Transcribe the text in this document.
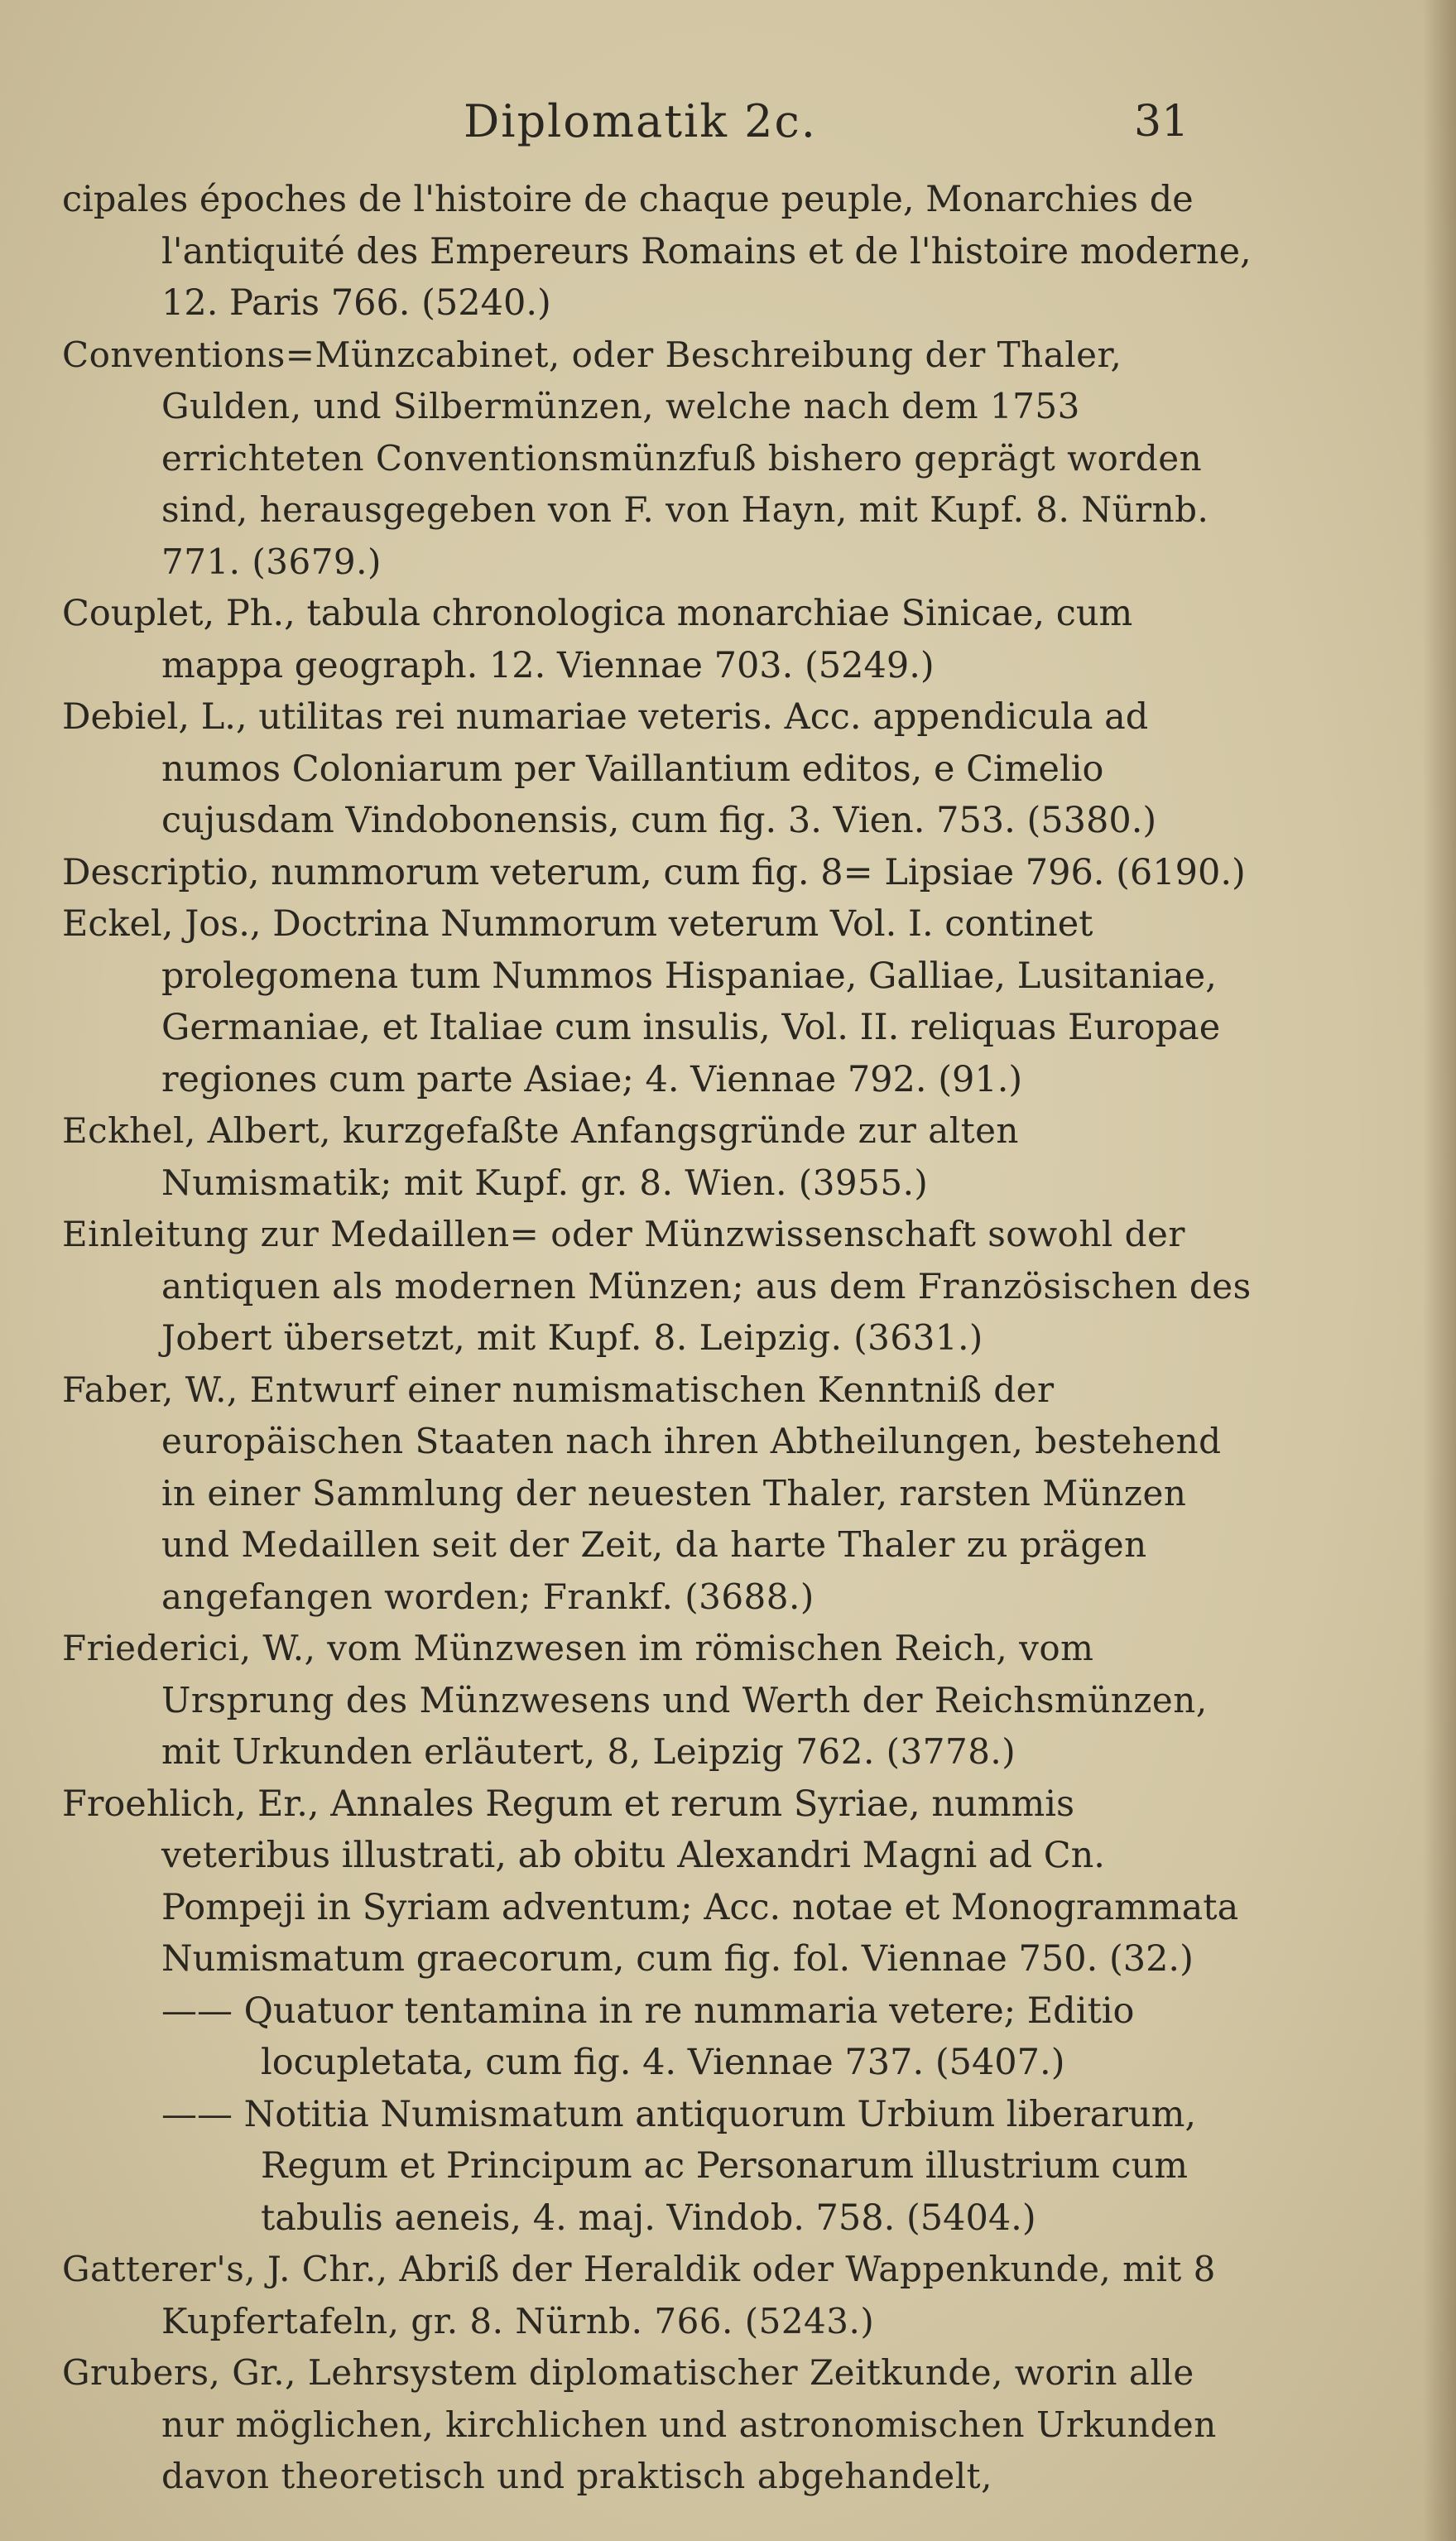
Diplomatik 2c.	31

cipales époches de l'histoire de chaque peuple, Monarchies de l'antiquité des Empereurs Romains et de l'histoire moderne, 12. Paris 766. (5240.)

Conventions=Münzcabinet, oder Beschreibung der Thaler, Gulden, und Silbermünzen, welche nach dem 1753 errichteten Conventionsmünzfuß bishero geprägt worden sind, herausgegeben von F. von Hayn, mit Kupf. 8. Nürnb. 771. (3679.)

Couplet, Ph., tabula chronologica monarchiae Sinicae, cum mappa geograph. 12. Viennae 703. (5249.)

Debiel, L., utilitas rei numariae veteris. Acc. appendicula ad numos Coloniarum per Vaillantium editos, e Cimelio cujusdam Vindobonensis, cum fig. 3. Vien. 753. (5380.)

Descriptio, nummorum veterum, cum fig. 8= Lipsiae 796. (6190.)

Eckel, Jos., Doctrina Nummorum veterum Vol. I. continet prolegomena tum Nummos Hispaniae, Galliae, Lusitaniae, Germaniae, et Italiae cum insulis, Vol. II. reliquas Europae regiones cum parte Asiae; 4. Viennae 792. (91.)

Eckhel, Albert, kurzgefaßte Anfangsgründe zur alten Numismatik; mit Kupf. gr. 8. Wien. (3955.)

Einleitung zur Medaillen= oder Münzwissenschaft sowohl der antiquen als modernen Münzen; aus dem Französischen des Jobert übersetzt, mit Kupf. 8. Leipzig. (3631.)

Faber, W., Entwurf einer numismatischen Kenntniß der europäischen Staaten nach ihren Abtheilungen, bestehend in einer Sammlung der neuesten Thaler, rarsten Münzen und Medaillen seit der Zeit, da harte Thaler zu prägen angefangen worden; Frankf. (3688.)

Friederici, W., vom Münzwesen im römischen Reich, vom Ursprung des Münzwesens und Werth der Reichsmünzen, mit Urkunden erläutert, 8, Leipzig 762. (3778.)

Froehlich, Er., Annales Regum et rerum Syriae, nummis veteribus illustrati, ab obitu Alexandri Magni ad Cn. Pompeji in Syriam adventum; Acc. notae et Monogrammata Numismatum graecorum, cum fig. fol. Viennae 750. (32.)

—— Quatuor tentamina in re nummaria vetere; Editio locupletata, cum fig. 4. Viennae 737. (5407.)

—— Notitia Numismatum antiquorum Urbium liberarum, Regum et Principum ac Personarum illustrium cum tabulis aeneis, 4. maj. Vindob. 758. (5404.)

Gatterer's, J. Chr., Abriß der Heraldik oder Wappenkunde, mit 8 Kupfertafeln, gr. 8. Nürnb. 766. (5243.)

Grubers, Gr., Lehrsystem diplomatischer Zeitkunde, worin alle nur möglichen, kirchlichen und astronomischen Urkunden davon theoretisch und praktisch abgehandelt,
